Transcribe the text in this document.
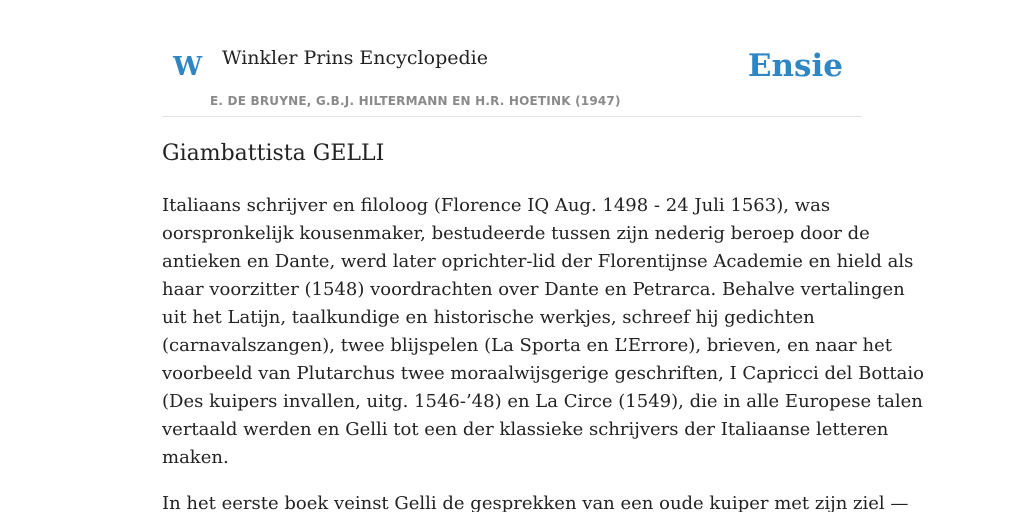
W Winkler Prins Encyclopedie
E. DE BRUYNE, G.B.J. HILTERMANN EN H.R. HOETINK (1947)
Ensie
Giambattista GELLI

Italiaans schrijver en filoloog (Florence IQ Aug. 1498 - 24 Juli 1563), was
oorspronkelijk kousenmaker, bestudeerde tussen zijn nederig beroep door de
antieken en Dante, werd later oprichter-lid der Florentijnse Academie en hield als
haar voorzitter (1548) voordrachten over Dante en Petrarca. Behalve vertalingen
uit het Latijn, taalkundige en historische werkjes, schreef hij gedichten
(carnavalszangen), twee blijspelen (La Sporta en L’Errore), brieven, en naar het
voorbeeld van Plutarchus twee moraalwijsgerige geschriften, I Capricci del Bottaio
(Des kuipers invallen, uitg. 1546-’48) en La Circe (1549), die in alle Europese talen
vertaald werden en Gelli tot een der klassieke schrijvers der Italiaanse letteren
maken.

In het eerste boek veinst Gelli de gesprekken van een oude kuiper met zijn ziel —
